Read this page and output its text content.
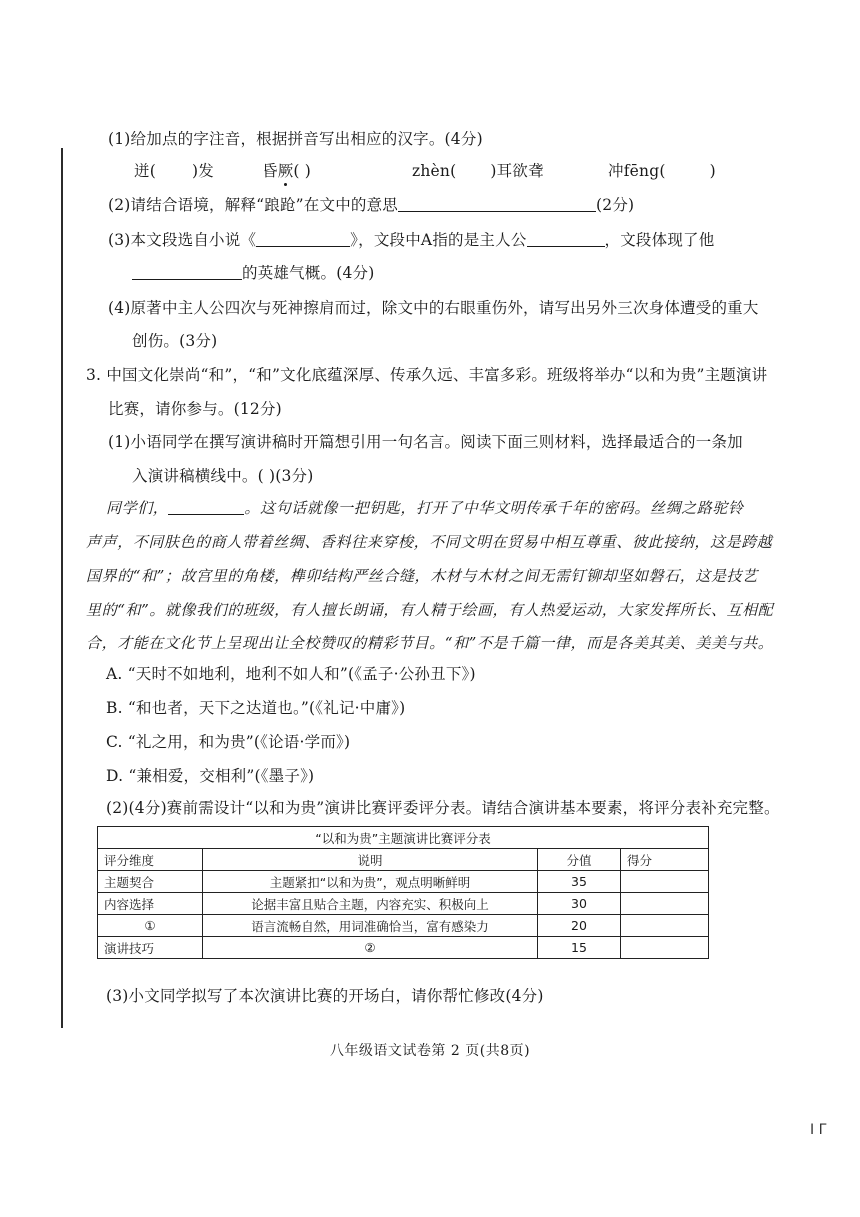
(1)给加点的字注音，根据拼音写出相应的汉字。(4分)
迸( )发	昏厥( )	zhèn( )耳欲聋	冲fēng(	)
(2)请结合语境，解释“踉跄”在文中的意思	(2分)
(3)本文段选自小说《	》，文段中A指的是主人公	，文段体现了他
的英雄气概。(4分)
(4)原著中主人公四次与死神擦肩而过，除文中的右眼重伤外，请写出另外三次身体遭受的重大
创伤。(3分)
3. 中国文化崇尚“和”，“和”文化底蕴深厚、传承久远、丰富多彩。班级将举办“以和为贵”主题演讲
比赛，请你参与。(12分)
(1)小语同学在撰写演讲稿时开篇想引用一句名言。阅读下面三则材料，选择最适合的一条加
入演讲稿横线中。( )(3分)
同学们，	。这句话就像一把钥匙，打开了中华文明传承千年的密码。丝绸之路驼铃
声声，不同肤色的商人带着丝绸、香料往来穿梭，不同文明在贸易中相互尊重、彼此接纳，这是跨越
国界的“和”；故宫里的角楼，榫卯结构严丝合缝，木材与木材之间无需钉铆却坚如磐石，这是技艺
里的“和”。就像我们的班级，有人擅长朗诵，有人精于绘画，有人热爱运动，大家发挥所长、互相配
合，才能在文化节上呈现出让全校赞叹的精彩节目。“和”不是千篇一律，而是各美其美、美美与共。
A. “天时不如地利，地利不如人和”(《孟子·公孙丑下》)
B. “和也者，天下之达道也。”(《礼记·中庸》)
C. “礼之用，和为贵”(《论语·学而》)
D. “兼相爱，交相利”(《墨子》)
(2)(4分)赛前需设计“以和为贵”演讲比赛评委评分表。请结合演讲基本要素，将评分表补充完整。
“以和为贵”主题演讲比赛评分表			
评分维度	说明	分值	得分
主题契合	主题紧扣“以和为贵”，观点明晰鲜明	35	
内容选择	论据丰富且贴合主题，内容充实、积极向上	30	
①	语言流畅自然，用词准确恰当，富有感染力	20	
演讲技巧	②	15	
(3)小文同学拟写了本次演讲比赛的开场白，请你帮忙修改(4分)
八年级语文试卷第 2 页(共8页)
I Γ
